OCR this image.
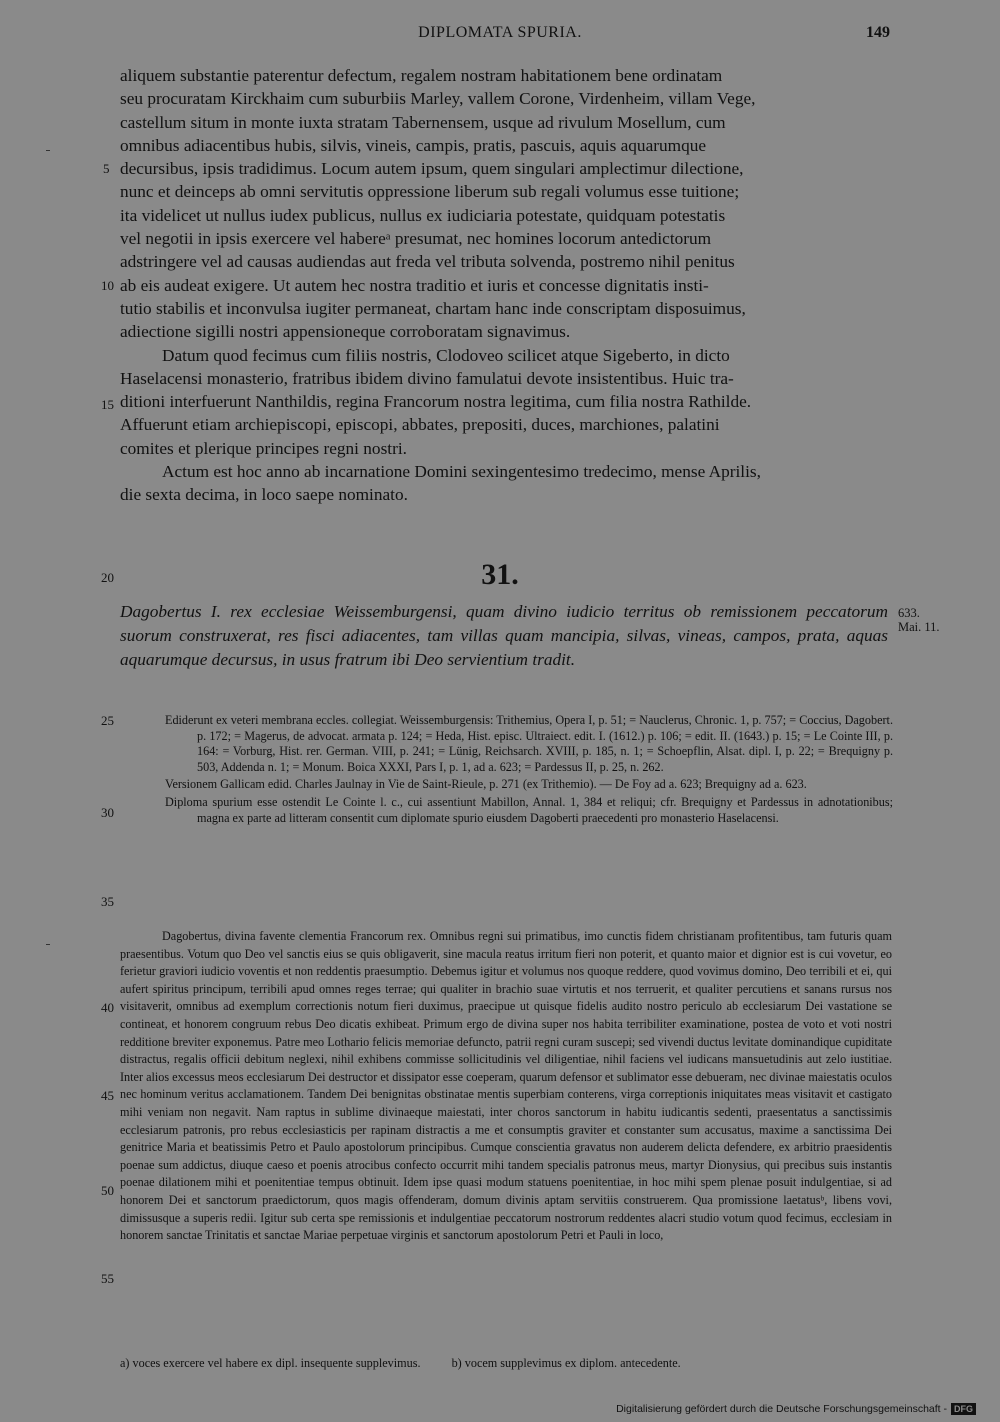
DIPLOMATA SPURIA.	149
5
10
15
20
25
30
35
40
45
50
55
aliquem substantie paterentur defectum, regalem nostram habitationem bene ordinatam
seu procuratam Kirckhaim cum suburbiis Marley, vallem Corone, Virdenheim, villam Vege,
castellum situm in monte iuxta stratam Tabernensem, usque ad rivulum Mosellum, cum
omnibus adiacentibus hubis, silvis, vineis, campis, pratis, pascuis, aquis aquarumque
decursibus, ipsis tradidimus. Locum autem ipsum, quem singulari amplectimur dilectione,
nunc et deinceps ab omni servitutis oppressione liberum sub regali volumus esse tuitione;
ita videlicet ut nullus iudex publicus, nullus ex iudiciaria potestate, quidquam potestatis
vel negotii in ipsis exercere vel habereᵃ presumat, nec homines locorum antedictorum
adstringere vel ad causas audiendas aut freda vel tributa solvenda, postremo nihil penitus
ab eis audeat exigere. Ut autem hec nostra traditio et iuris et concesse dignitatis insti-
tutio stabilis et inconvulsa iugiter permaneat, chartam hanc inde conscriptam disposuimus,
adiectione sigilli nostri appensioneque corroboratam signavimus.
Datum quod fecimus cum filiis nostris, Clodoveo scilicet atque Sigeberto, in dicto
Haselacensi monasterio, fratribus ibidem divino famulatui devote insistentibus. Huic tra-
ditioni interfuerunt Nanthildis, regina Francorum nostra legitima, cum filia nostra Rathilde.
Affuerunt etiam archiepiscopi, episcopi, abbates, prepositi, duces, marchiones, palatini
comites et plerique principes regni nostri.
Actum est hoc anno ab incarnatione Domini sexingentesimo tredecimo, mense Aprilis,
die sexta decima, in loco saepe nominato.
31.
Dagobertus I. rex ecclesiae Weissemburgensi, quam divino iudicio territus ob remissionem peccatorum suorum construxerat, res fisci adiacentes, tam villas quam mancipia, silvas, vineas, campos, prata, aquas aquarumque decursus, in usus fratrum ibi Deo servientium tradit.
633.
Mai. 11.

Ediderunt ex veteri membrana eccles. collegiat. Weissemburgensis: Trithemius, Opera I, p. 51; = Nauclerus, Chronic. 1, p. 757; = Coccius, Dagobert. p. 172; = Magerus, de advocat. armata p. 124; = Heda, Hist. episc. Ultraiect. edit. I. (1612.) p. 106; = edit. II. (1643.) p. 15; = Le Cointe III, p. 164: = Vorburg, Hist. rer. German. VIII, p. 241; = Lünig, Reichsarch. XVIII, p. 185, n. 1; = Schoepflin, Alsat. dipl. I, p. 22; = Brequigny p. 503, Addenda n. 1; = Monum. Boica XXXI, Pars I, p. 1, ad a. 623; = Pardessus II, p. 25, n. 262.

Versionem Gallicam edid. Charles Jaulnay in Vie de Saint-Rieule, p. 271 (ex Trithemio). — De Foy ad a. 623; Brequigny ad a. 623.

Diploma spurium esse ostendit Le Cointe l. c., cui assentiunt Mabillon, Annal. 1, 384 et reliqui; cfr. Brequigny et Pardessus in adnotationibus; magna ex parte ad litteram consentit cum diplomate spurio eiusdem Dagoberti praecedenti pro monasterio Haselacensi.

Dagobertus, divina favente clementia Francorum rex. Omnibus regni sui primatibus, imo cunctis fidem christianam profitentibus, tam futuris quam praesentibus. Votum quo Deo vel sanctis eius se quis obligaverit, sine macula reatus irritum fieri non poterit, et quanto maior et dignior est is cui vovetur, eo ferietur graviori iudicio voventis et non reddentis praesumptio. Debemus igitur et volumus nos quoque reddere, quod vovimus domino, Deo terribili et ei, qui aufert spiritus principum, terribili apud omnes reges terrae; qui qualiter in brachio suae virtutis et nos terruerit, et qualiter percutiens et sanans rursus nos visitaverit, omnibus ad exemplum correctionis notum fieri duximus, praecipue ut quisque fidelis audito nostro periculo ab ecclesiarum Dei vastatione se contineat, et honorem congruum rebus Deo dicatis exhibeat. Primum ergo de divina super nos habita terribiliter examinatione, postea de voto et voti nostri redditione breviter exponemus. Patre meo Lothario felicis memoriae defuncto, patrii regni curam suscepi; sed vivendi ductus levitate dominandique cupiditate distractus, regalis officii debitum neglexi, nihil exhibens commisse sollicitudinis vel diligentiae, nihil faciens vel iudicans mansuetudinis aut zelo iustitiae. Inter alios excessus meos ecclesiarum Dei destructor et dissipator esse coeperam, quarum defensor et sublimator esse debueram, nec divinae maiestatis oculos nec hominum veritus acclamationem. Tandem Dei benignitas obstinatae mentis superbiam conterens, virga correptionis iniquitates meas visitavit et castigato mihi veniam non negavit. Nam raptus in sublime divinaeque maiestati, inter choros sanctorum in habitu iudicantis sedenti, praesentatus a sanctissimis ecclesiarum patronis, pro rebus ecclesiasticis per rapinam distractis a me et consumptis graviter et constanter sum accusatus, maxime a sanctissima Dei genitrice Maria et beatissimis Petro et Paulo apostolorum principibus. Cumque conscientia gravatus non auderem delicta defendere, ex arbitrio praesidentis poenae sum addictus, diuque caeso et poenis atrocibus confecto occurrit mihi tandem specialis patronus meus, martyr Dionysius, qui precibus suis instantis poenae dilationem mihi et poenitentiae tempus obtinuit. Idem ipse quasi modum statuens poenitentiae, in hoc mihi spem plenae posuit indulgentiae, si ad honorem Dei et sanctorum praedictorum, quos magis offenderam, domum divinis aptam servitiis construerem. Qua promissione laetatusᵇ, libens vovi, dimissusque a superis redii. Igitur sub certa spe remissionis et indulgentiae peccatorum nostrorum reddentes alacri studio votum quod fecimus, ecclesiam in honorem sanctae Trinitatis et sanctae Mariae perpetuae virginis et sanctorum apostolorum Petri et Pauli in loco,

a) voces exercere vel habere ex dipl. insequente supplevimus.	b) vocem supplevimus ex diplom. antecedente.
Digitalisierung gefördert durch die Deutsche Forschungsgemeinschaft - DFG
